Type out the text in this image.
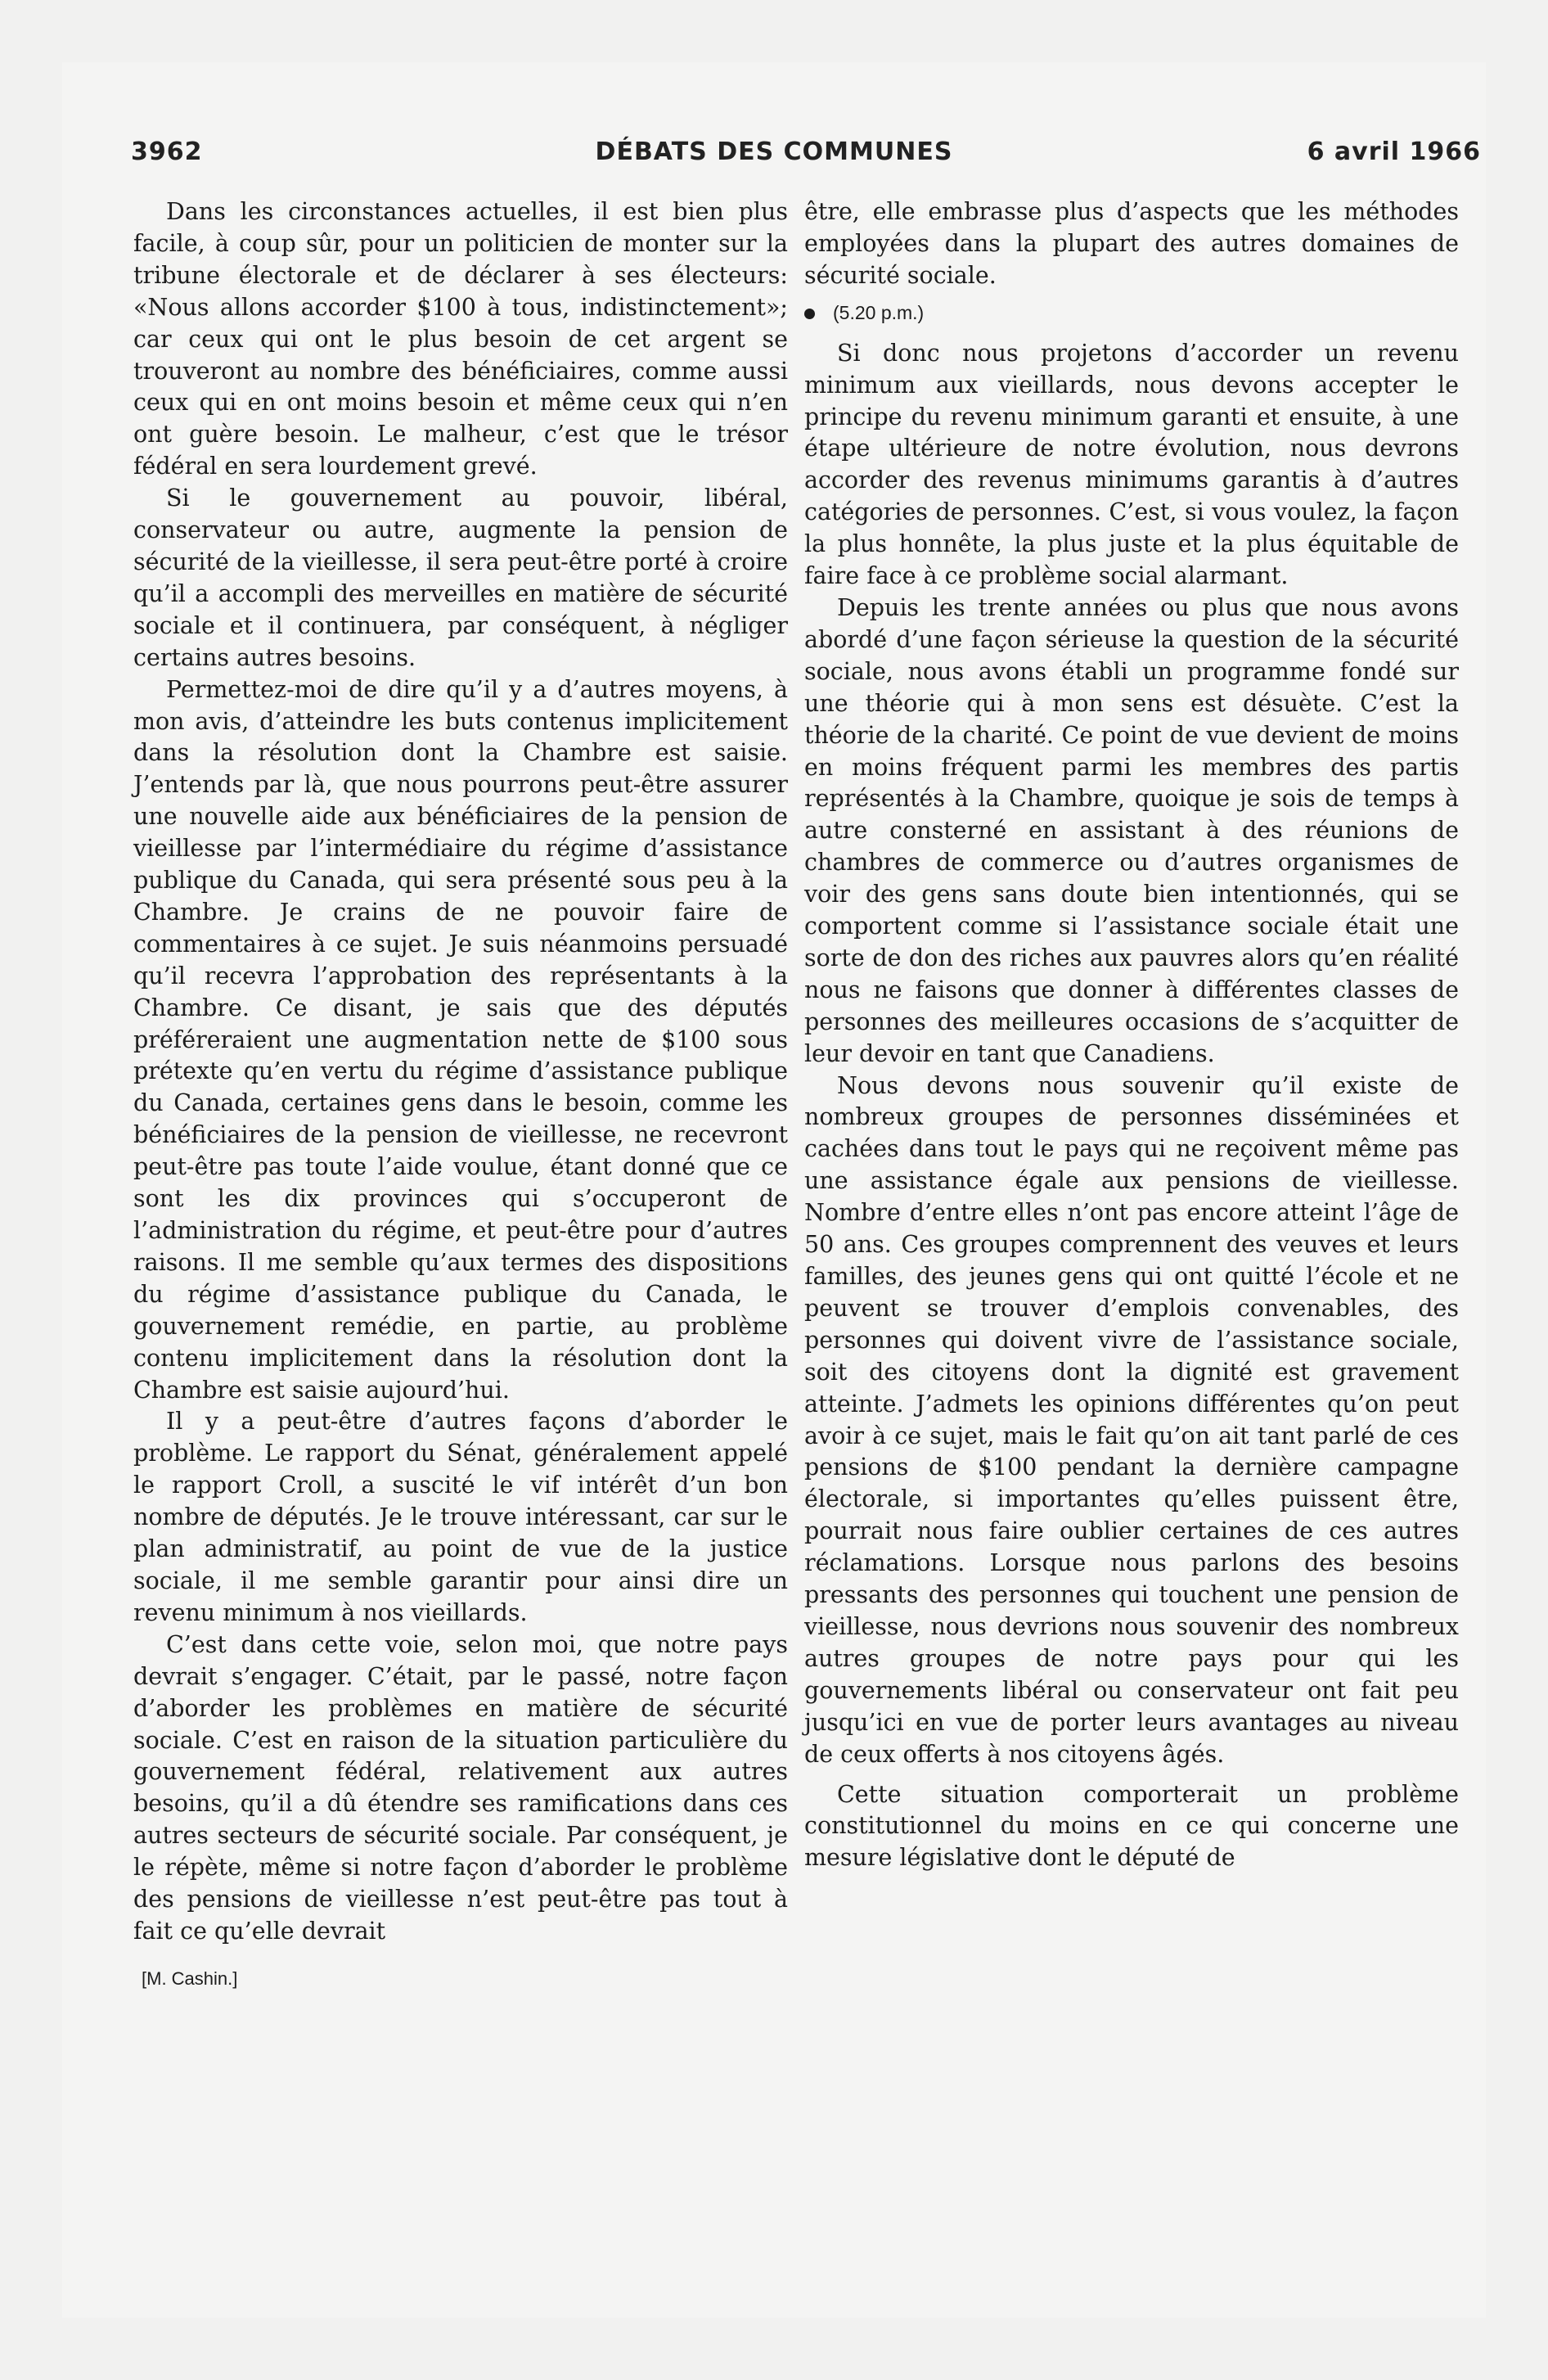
3962	DÉBATS DES COMMUNES	6 avril 1966

Dans les circonstances actuelles, il est bien plus facile, à coup sûr, pour un politicien de monter sur la tribune électorale et de déclarer à ses électeurs: «Nous allons accorder $100 à tous, indistinctement»; car ceux qui ont le plus besoin de cet argent se trouveront au nombre des bénéficiaires, comme aussi ceux qui en ont moins besoin et même ceux qui n’en ont guère besoin. Le malheur, c’est que le trésor fédéral en sera lourdement grevé.

Si le gouvernement au pouvoir, libéral, conservateur ou autre, augmente la pension de sécurité de la vieillesse, il sera peut-être porté à croire qu’il a accompli des merveilles en matière de sécurité sociale et il continuera, par conséquent, à négliger certains autres besoins.

Permettez-moi de dire qu’il y a d’autres moyens, à mon avis, d’atteindre les buts contenus implicitement dans la résolution dont la Chambre est saisie. J’entends par là, que nous pourrons peut-être assurer une nouvelle aide aux bénéficiaires de la pension de vieillesse par l’intermédiaire du régime d’assistance publique du Canada, qui sera présenté sous peu à la Chambre. Je crains de ne pouvoir faire de commentaires à ce sujet. Je suis néanmoins persuadé qu’il recevra l’approbation des représentants à la Chambre. Ce disant, je sais que des députés préféreraient une augmentation nette de $100 sous prétexte qu’en vertu du régime d’assistance publique du Canada, certaines gens dans le besoin, comme les bénéficiaires de la pension de vieillesse, ne recevront peut-être pas toute l’aide voulue, étant donné que ce sont les dix provinces qui s’occuperont de l’administration du régime, et peut-être pour d’autres raisons. Il me semble qu’aux termes des dispositions du régime d’assistance publique du Canada, le gouvernement remédie, en partie, au problème contenu implicitement dans la résolution dont la Chambre est saisie aujourd’hui.

Il y a peut-être d’autres façons d’aborder le problème. Le rapport du Sénat, généralement appelé le rapport Croll, a suscité le vif intérêt d’un bon nombre de députés. Je le trouve intéressant, car sur le plan administratif, au point de vue de la justice sociale, il me semble garantir pour ainsi dire un revenu minimum à nos vieillards.

C’est dans cette voie, selon moi, que notre pays devrait s’engager. C’était, par le passé, notre façon d’aborder les problèmes en matière de sécurité sociale. C’est en raison de la situation particulière du gouvernement fédéral, relativement aux autres besoins, qu’il a dû étendre ses ramifications dans ces autres secteurs de sécurité sociale. Par conséquent, je le répète, même si notre façon d’aborder le problème des pensions de vieillesse n’est peut-être pas tout à fait ce qu’elle devrait

[M. Cashin.]

être, elle embrasse plus d’aspects que les méthodes employées dans la plupart des autres domaines de sécurité sociale.

(5.20 p.m.)

Si donc nous projetons d’accorder un revenu minimum aux vieillards, nous devons accepter le principe du revenu minimum garanti et ensuite, à une étape ultérieure de notre évolution, nous devrons accorder des revenus minimums garantis à d’autres catégories de personnes. C’est, si vous voulez, la façon la plus honnête, la plus juste et la plus équitable de faire face à ce problème social alarmant.

Depuis les trente années ou plus que nous avons abordé d’une façon sérieuse la question de la sécurité sociale, nous avons établi un programme fondé sur une théorie qui à mon sens est désuète. C’est la théorie de la charité. Ce point de vue devient de moins en moins fréquent parmi les membres des partis représentés à la Chambre, quoique je sois de temps à autre consterné en assistant à des réunions de chambres de commerce ou d’autres organismes de voir des gens sans doute bien intentionnés, qui se comportent comme si l’assistance sociale était une sorte de don des riches aux pauvres alors qu’en réalité nous ne faisons que donner à différentes classes de personnes des meilleures occasions de s’acquitter de leur devoir en tant que Canadiens.

Nous devons nous souvenir qu’il existe de nombreux groupes de personnes disséminées et cachées dans tout le pays qui ne reçoivent même pas une assistance égale aux pensions de vieillesse. Nombre d’entre elles n’ont pas encore atteint l’âge de 50 ans. Ces groupes comprennent des veuves et leurs familles, des jeunes gens qui ont quitté l’école et ne peuvent se trouver d’emplois convenables, des personnes qui doivent vivre de l’assistance sociale, soit des citoyens dont la dignité est gravement atteinte. J’admets les opinions différentes qu’on peut avoir à ce sujet, mais le fait qu’on ait tant parlé de ces pensions de $100 pendant la dernière campagne électorale, si importantes qu’elles puissent être, pourrait nous faire oublier certaines de ces autres réclamations. Lorsque nous parlons des besoins pressants des personnes qui touchent une pension de vieillesse, nous devrions nous souvenir des nombreux autres groupes de notre pays pour qui les gouvernements libéral ou conservateur ont fait peu jusqu’ici en vue de porter leurs avantages au niveau de ceux offerts à nos citoyens âgés.

Cette situation comporterait un problème constitutionnel du moins en ce qui concerne une mesure législative dont le député de
